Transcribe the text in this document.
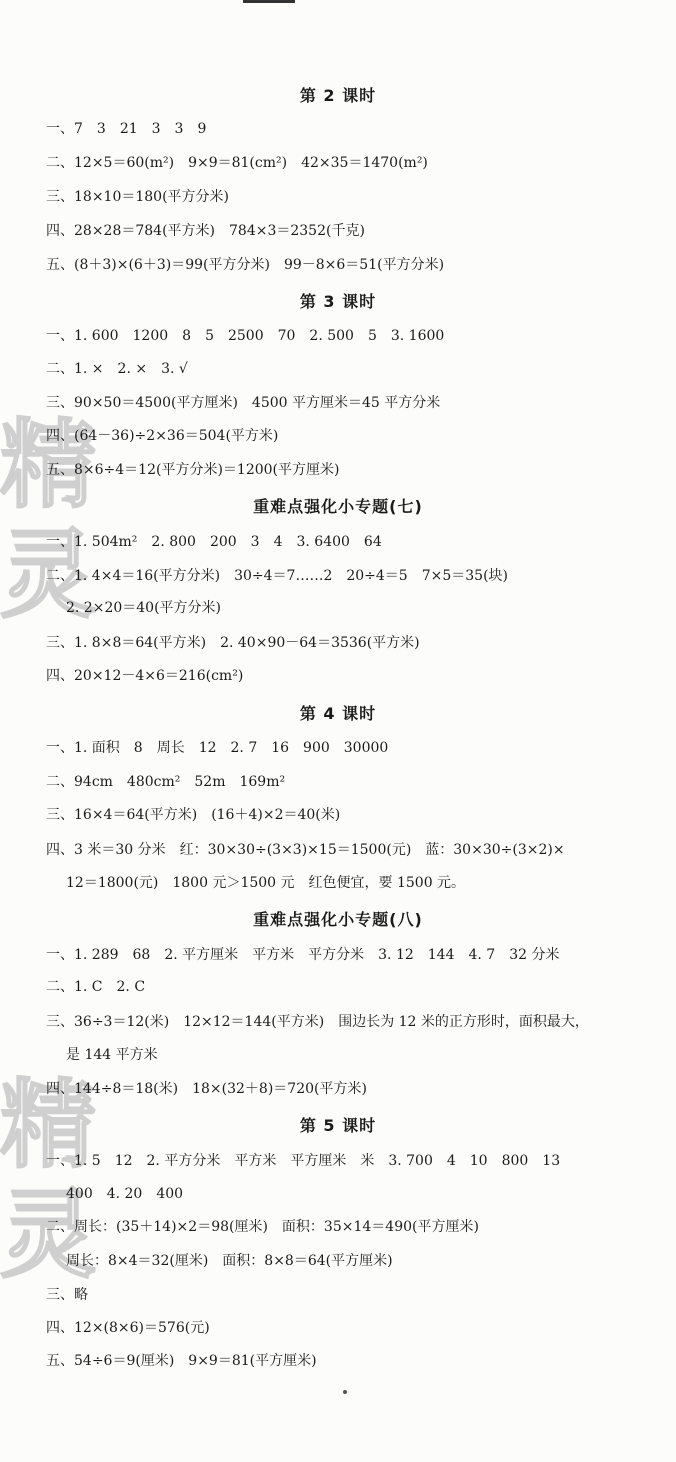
精灵
精灵
第 2 课时
一、7　3　21　3　3　9
二、12×5＝60(m²)　9×9＝81(cm²)　42×35＝1470(m²)
三、18×10＝180(平方分米)
四、28×28＝784(平方米)　784×3＝2352(千克)
五、(8＋3)×(6＋3)＝99(平方分米)　99－8×6＝51(平方分米)
第 3 课时
一、1. 600　1200　8　5　2500　70　2. 500　5　3. 1600
二、1. ×　2. ×　3. √
三、90×50＝4500(平方厘米)　4500 平方厘米＝45 平方分米
四、(64－36)÷2×36＝504(平方米)
五、8×6÷4＝12(平方分米)＝1200(平方厘米)
重难点强化小专题(七)
一、1. 504m²　2. 800　200　3　4　3. 6400　64
二、1. 4×4＝16(平方分米)　30÷4＝7……2　20÷4＝5　7×5＝35(块)
2. 2×20＝40(平方分米)
三、1. 8×8＝64(平方米)　2. 40×90－64＝3536(平方米)
四、20×12－4×6＝216(cm²)
第 4 课时
一、1. 面积　8　周长　12　2. 7　16　900　30000
二、94cm　480cm²　52m　169m²
三、16×4＝64(平方米)　(16＋4)×2＝40(米)
四、3 米＝30 分米　红：30×30÷(3×3)×15＝1500(元)　蓝：30×30÷(3×2)×
12＝1800(元)　1800 元＞1500 元　红色便宜，要 1500 元。
重难点强化小专题(八)
一、1. 289　68　2. 平方厘米　平方米　平方分米　3. 12　144　4. 7　32 分米
二、1. C　2. C
三、36÷3＝12(米)　12×12＝144(平方米)　围边长为 12 米的正方形时，面积最大，
是 144 平方米
四、144÷8＝18(米)　18×(32＋8)＝720(平方米)
第 5 课时
一、1. 5　12　2. 平方分米　平方米　平方厘米　米　3. 700　4　10　800　13
400　4. 20　400
二、周长：(35＋14)×2＝98(厘米)　面积：35×14＝490(平方厘米)
周长：8×4＝32(厘米)　面积：8×8＝64(平方厘米)
三、略
四、12×(8×6)＝576(元)
五、54÷6＝9(厘米)　9×9＝81(平方厘米)
